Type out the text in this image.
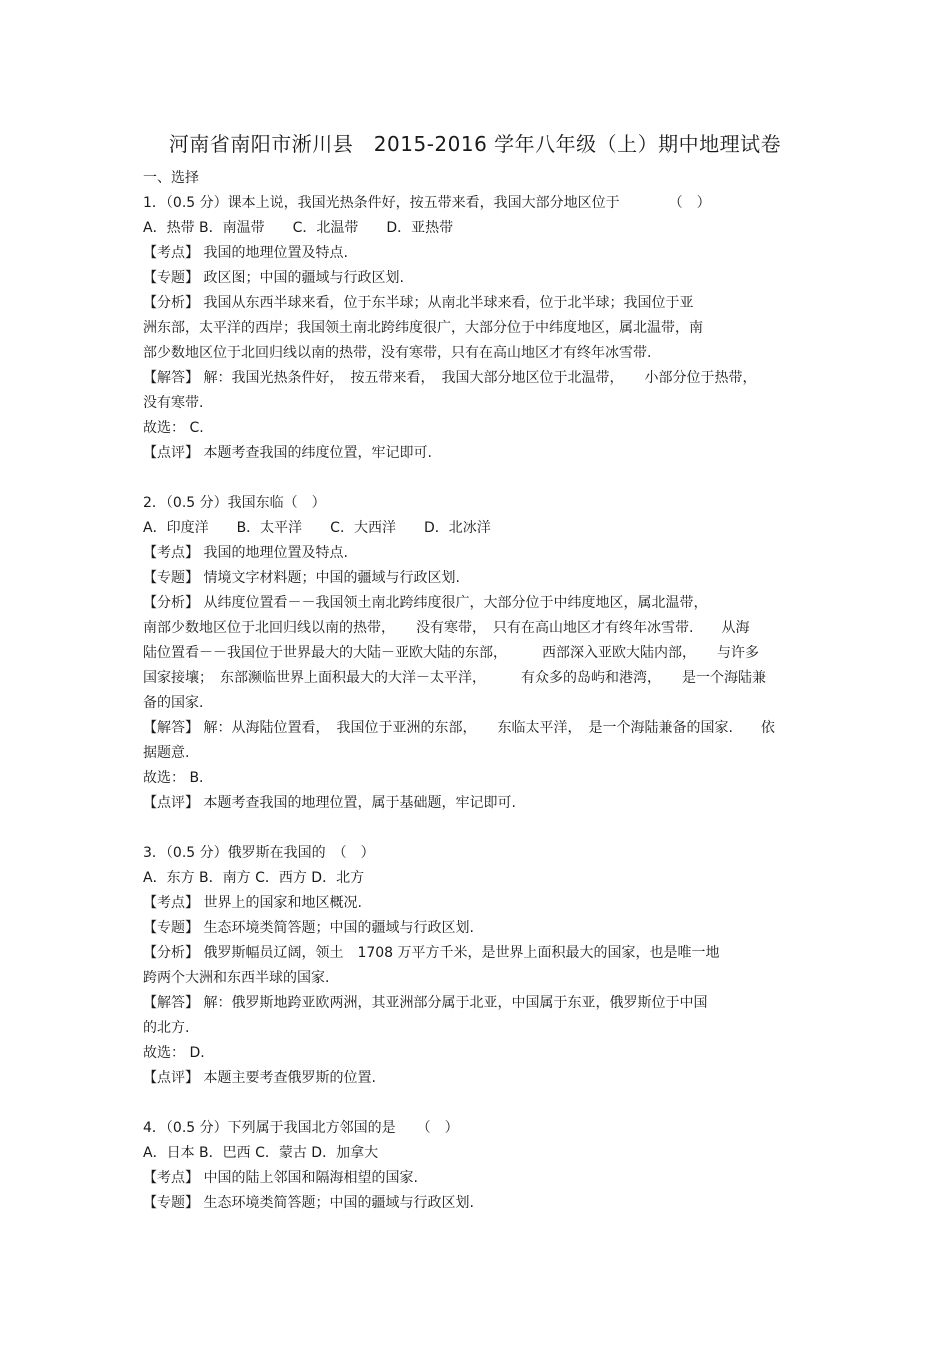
河南省南阳市淅川县　2015-2016 学年八年级（上）期中地理试卷
一、选择
1．（0.5 分）课本上说，我国光热条件好，按五带来看，我国大部分地区位于　　　　（　）
A．热带 B．南温带　　C．北温带　　D．亚热带
【考点】 我国的地理位置及特点.
【专题】 政区图；中国的疆域与行政区划.
【分析】 我国从东西半球来看，位于东半球；从南北半球来看，位于北半球；我国位于亚
洲东部，太平洋的西岸；我国领土南北跨纬度很广，大部分位于中纬度地区，属北温带，南
部少数地区位于北回归线以南的热带，没有寒带，只有在高山地区才有终年冰雪带.
【解答】 解：我国光热条件好，　按五带来看，　我国大部分地区位于北温带，　　小部分位于热带，
没有寒带.
故选： C.
【点评】 本题考查我国的纬度位置，牢记即可.
2．（0.5 分）我国东临（　）
A．印度洋　　B．太平洋　　C．大西洋　　D．北冰洋
【考点】 我国的地理位置及特点.
【专题】 情境文字材料题；中国的疆域与行政区划.
【分析】 从纬度位置看－－我国领土南北跨纬度很广，大部分位于中纬度地区，属北温带，
南部少数地区位于北回归线以南的热带，　　没有寒带，　只有在高山地区才有终年冰雪带.　　从海
陆位置看－－我国位于世界最大的大陆－亚欧大陆的东部，　　　西部深入亚欧大陆内部，　　与许多
国家接壤；　东部濒临世界上面积最大的大洋－太平洋，　　　有众多的岛屿和港湾，　　是一个海陆兼
备的国家.
【解答】 解：从海陆位置看，　我国位于亚洲的东部，　　东临太平洋，　是一个海陆兼备的国家.　　依
据题意.
故选： B.
【点评】 本题考查我国的地理位置，属于基础题，牢记即可.
3．（0.5 分）俄罗斯在我国的　（　）
A．东方 B．南方 C．西方 D．北方
【考点】 世界上的国家和地区概况.
【专题】 生态环境类简答题；中国的疆域与行政区划.
【分析】 俄罗斯幅员辽阔，领土　1708 万平方千米，是世界上面积最大的国家，也是唯一地
跨两个大洲和东西半球的国家.
【解答】 解：俄罗斯地跨亚欧两洲，其亚洲部分属于北亚，中国属于东亚，俄罗斯位于中国
的北方.
故选： D.
【点评】 本题主要考查俄罗斯的位置.
4．（0.5 分）下列属于我国北方邻国的是　　（　）
A．日本 B．巴西 C．蒙古 D．加拿大
【考点】 中国的陆上邻国和隔海相望的国家.
【专题】 生态环境类简答题；中国的疆域与行政区划.
